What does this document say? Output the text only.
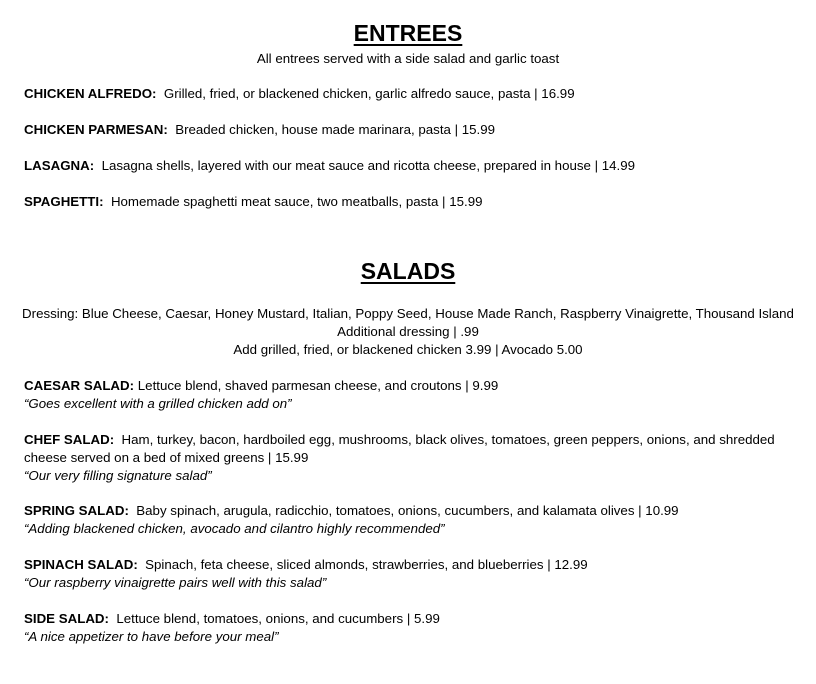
ENTREES
All entrees served with a side salad and garlic toast
CHICKEN ALFREDO: Grilled, fried, or blackened chicken, garlic alfredo sauce, pasta | 16.99
CHICKEN PARMESAN: Breaded chicken, house made marinara, pasta | 15.99
LASAGNA: Lasagna shells, layered with our meat sauce and ricotta cheese, prepared in house | 14.99
SPAGHETTI: Homemade spaghetti meat sauce, two meatballs, pasta | 15.99
SALADS
Dressing: Blue Cheese, Caesar, Honey Mustard, Italian, Poppy Seed, House Made Ranch, Raspberry Vinaigrette, Thousand Island
Additional dressing | .99
Add grilled, fried, or blackened chicken 3.99 | Avocado 5.00
CAESAR SALAD: Lettuce blend, shaved parmesan cheese, and croutons | 9.99
“Goes excellent with a grilled chicken add on”
CHEF SALAD: Ham, turkey, bacon, hardboiled egg, mushrooms, black olives, tomatoes, green peppers, onions, and shredded cheese served on a bed of mixed greens | 15.99
“Our very filling signature salad”
SPRING SALAD: Baby spinach, arugula, radicchio, tomatoes, onions, cucumbers, and kalamata olives | 10.99
“Adding blackened chicken, avocado and cilantro highly recommended”
SPINACH SALAD: Spinach, feta cheese, sliced almonds, strawberries, and blueberries | 12.99
“Our raspberry vinaigrette pairs well with this salad”
SIDE SALAD: Lettuce blend, tomatoes, onions, and cucumbers | 5.99
“A nice appetizer to have before your meal”
